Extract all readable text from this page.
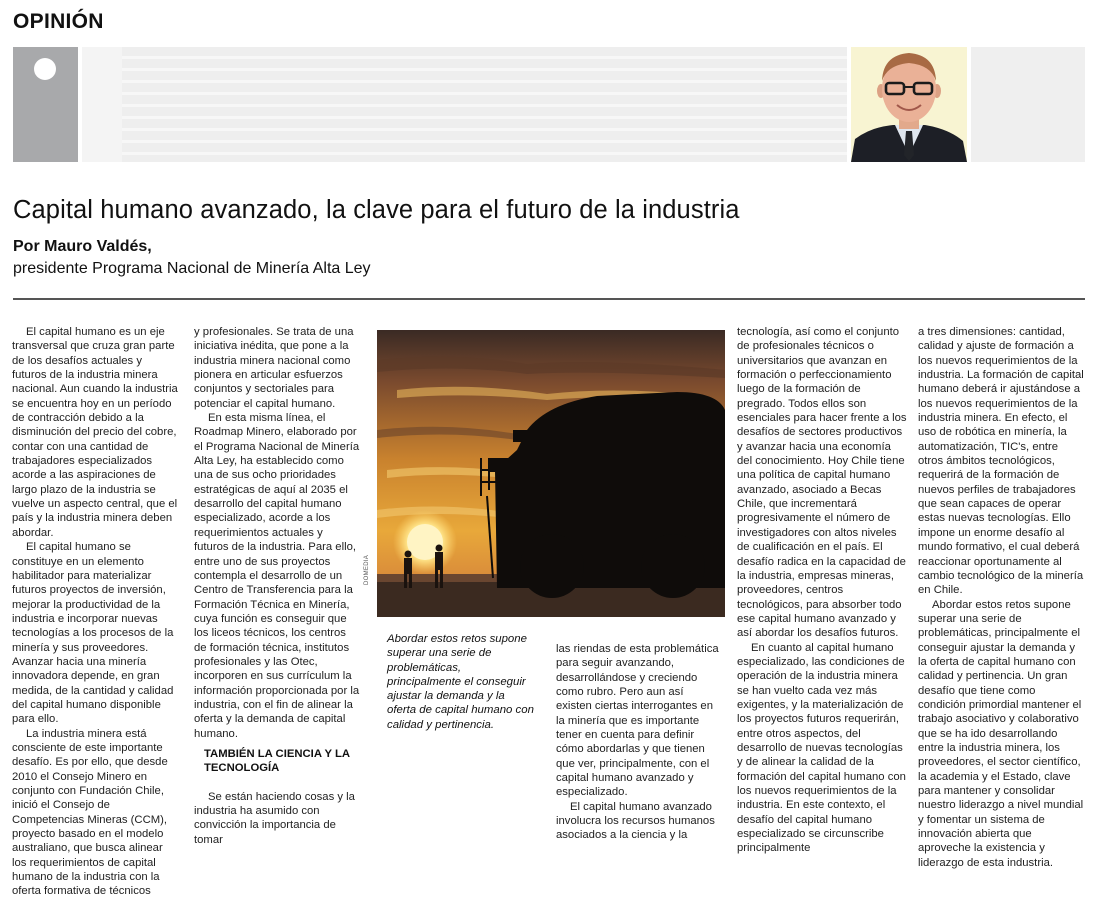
OPINIÓN
Capital humano avanzado, la clave para el futuro de la industria
Por Mauro Valdés,
presidente Programa Nacional de Minería Alta Ley

El capital humano es un eje transversal que cruza gran parte de los desafíos actuales y futuros de la industria minera nacional. Aun cuando la industria se encuentra hoy en un período de contracción debido a la disminución del precio del cobre, contar con una cantidad de trabajadores especializados acorde a las aspiraciones de largo plazo de la industria se vuelve un aspecto central, que el país y la industria minera deben abordar.

El capital humano se constituye en un elemento habilitador para materializar futuros proyectos de inversión, mejorar la productividad de la industria e incorporar nuevas tecnologías a los procesos de la minería y sus proveedores. Avanzar hacia una minería innovadora depende, en gran medida, de la cantidad y calidad del capital humano disponible para ello.

La industria minera está consciente de este importante desafío. Es por ello, que desde 2010 el Consejo Minero en conjunto con Fundación Chile, inició el Consejo de Competencias Mineras (CCM), proyecto basado en el modelo australiano, que busca alinear los requerimientos de capital humano de la industria con la oferta formativa de técnicos

y profesionales. Se trata de una iniciativa inédita, que pone a la industria minera nacional como pionera en articular esfuerzos conjuntos y sectoriales para potenciar el capital humano.

En esta misma línea, el Roadmap Minero, elaborado por el Programa Nacional de Minería Alta Ley, ha establecido como una de sus ocho prioridades estratégicas de aquí al 2035 el desarrollo del capital humano especializado, acorde a los requerimientos actuales y futuros de la industria. Para ello, entre uno de sus proyectos contempla el desarrollo de un Centro de Transferencia para la Formación Técnica en Minería, cuya función es conseguir que los liceos técnicos, los centros de formación técnica, institutos profesionales y las Otec, incorporen en sus currículum la información proporcionada por la industria, con el fin de alinear la oferta y la demanda de capital humano.

TAMBIÉN LA CIENCIA Y LA TECNOLOGÍA

Se están haciendo cosas y la industria ha asumido con convicción la importancia de tomar

DOMEDIA
Abordar estos retos supone superar una serie de problemáticas, principalmente el conseguir ajustar la demanda y la oferta de capital humano con calidad y pertinencia.

las riendas de esta problemática para seguir avanzando, desarrollándose y creciendo como rubro. Pero aun así existen ciertas interrogantes en la minería que es importante tener en cuenta para definir cómo abordarlas y que tienen que ver, principalmente, con el capital humano avanzado y especializado.

El capital humano avanzado involucra los recursos humanos asociados a la ciencia y la

tecnología, así como el conjunto de profesionales técnicos o universitarios que avanzan en formación o perfeccionamiento luego de la formación de pregrado. Todos ellos son esenciales para hacer frente a los desafíos de sectores productivos y avanzar hacia una economía del conocimiento. Hoy Chile tiene una política de capital humano avanzado, asociado a Becas Chile, que incrementará progresivamente el número de investigadores con altos niveles de cualificación en el país. El desafío radica en la capacidad de la industria, empresas mineras, proveedores, centros tecnológicos, para absorber todo ese capital humano avanzado y así abordar los desafíos futuros.

En cuanto al capital humano especializado, las condiciones de operación de la industria minera se han vuelto cada vez más exigentes, y la materialización de los proyectos futuros requerirán, entre otros aspectos, del desarrollo de nuevas tecnologías y de alinear la calidad de la formación del capital humano con los nuevos requerimientos de la industria. En este contexto, el desafío del capital humano especializado se circunscribe principalmente

a tres dimensiones: cantidad, calidad y ajuste de formación a los nuevos requerimientos de la industria. La formación de capital humano deberá ir ajustándose a los nuevos requerimientos de la industria minera. En efecto, el uso de robótica en minería, la automatización, TIC's, entre otros ámbitos tecnológicos, requerirá de la formación de nuevos perfiles de trabajadores que sean capaces de operar estas nuevas tecnologías. Ello impone un enorme desafío al mundo formativo, el cual deberá reaccionar oportunamente al cambio tecnológico de la minería en Chile.

Abordar estos retos supone superar una serie de problemáticas, principalmente el conseguir ajustar la demanda y la oferta de capital humano con calidad y pertinencia. Un gran desafío que tiene como condición primordial mantener el trabajo asociativo y colaborativo que se ha ido desarrollando entre la industria minera, los proveedores, el sector científico, la academia y el Estado, clave para mantener y consolidar nuestro liderazgo a nivel mundial y fomentar un sistema de innovación abierta que aproveche la existencia y liderazgo de esta industria.
